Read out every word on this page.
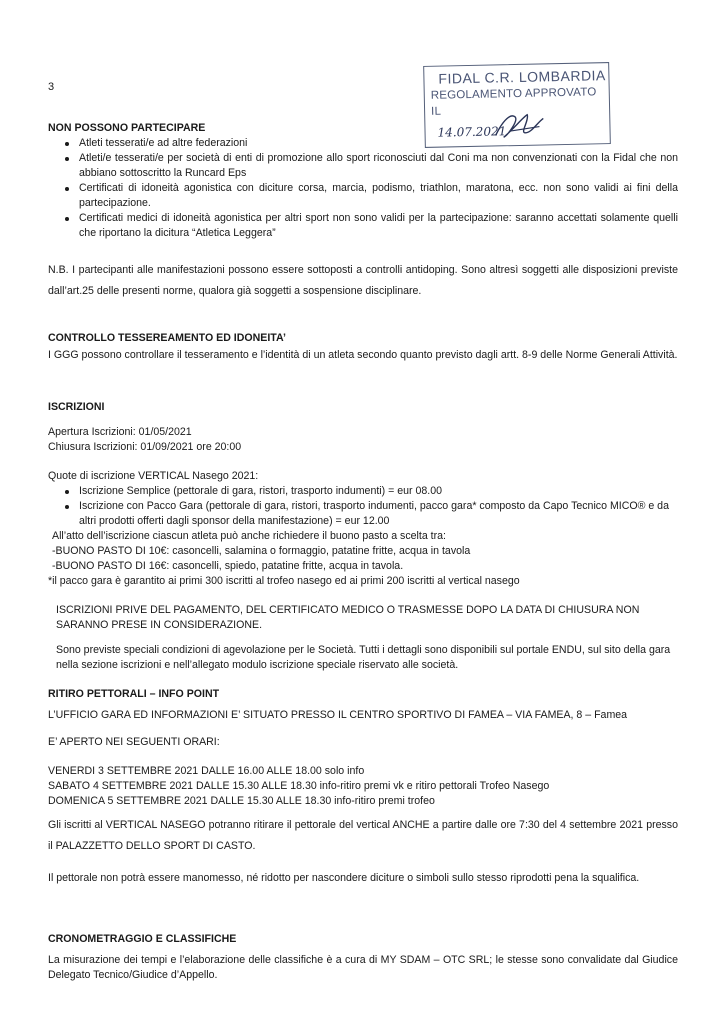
3
FIDAL C.R. LOMBARDIA
REGOLAMENTO APPROVATO IL
14.07.2021
NON POSSONO PARTECIPARE
Atleti tesserati/e ad altre federazioni
Atleti/e tesserati/e per società di enti di promozione allo sport riconosciuti dal Coni ma non convenzionati con la Fidal che non abbiano sottoscritto la Runcard Eps
Certificati di idoneità agonistica con diciture corsa, marcia, podismo, triathlon, maratona, ecc. non sono validi ai fini della partecipazione.
Certificati medici di idoneità agonistica per altri sport non sono validi per la partecipazione: saranno accettati solamente quelli che riportano la dicitura “Atletica Leggera”

N.B. I partecipanti alle manifestazioni possono essere sottoposti a controlli antidoping. Sono altresì soggetti alle disposizioni previste dall’art.25 delle presenti norme, qualora già soggetti a sospensione disciplinare.

CONTROLLO TESSEREAMENTO ED IDONEITA’

I GGG possono controllare il tesseramento e l’identità di un atleta secondo quanto previsto dagli artt. 8-9 delle Norme Generali Attività.

ISCRIZIONI

Apertura Iscrizioni: 01/05/2021

Chiusura Iscrizioni: 01/09/2021 ore 20:00

Quote di iscrizione VERTICAL Nasego 2021:

Iscrizione Semplice (pettorale di gara, ristori, trasporto indumenti) = eur 08.00
Iscrizione con Pacco Gara (pettorale di gara, ristori, trasporto indumenti, pacco gara* composto da Capo Tecnico MICO® e da altri prodotti offerti dagli sponsor della manifestazione) = eur 12.00

All’atto dell’iscrizione ciascun atleta può anche richiedere il buono pasto a scelta tra:

-BUONO PASTO DI 10€: casoncelli, salamina o formaggio, patatine fritte, acqua in tavola

-BUONO PASTO DI 16€: casoncelli, spiedo, patatine fritte, acqua in tavola.

*il pacco gara è garantito ai primi 300 iscritti al trofeo nasego ed ai primi 200 iscritti al vertical nasego

ISCRIZIONI PRIVE DEL PAGAMENTO, DEL CERTIFICATO MEDICO O TRASMESSE DOPO LA DATA DI CHIUSURA NON SARANNO PRESE IN CONSIDERAZIONE.

Sono previste speciali condizioni di agevolazione per le Società. Tutti i dettagli sono disponibili sul portale ENDU, sul sito della gara nella sezione iscrizioni e nell’allegato modulo iscrizione speciale riservato alle società.

RITIRO PETTORALI – INFO POINT

L’UFFICIO GARA ED INFORMAZIONI E’ SITUATO PRESSO IL CENTRO SPORTIVO DI FAMEA – VIA FAMEA, 8 – Famea

E’ APERTO NEI SEGUENTI ORARI:

VENERDI 3 SETTEMBRE 2021 DALLE 16.00 ALLE 18.00 solo info

SABATO 4 SETTEMBRE 2021 DALLE 15.30 ALLE 18.30 info-ritiro premi vk e ritiro pettorali Trofeo Nasego

DOMENICA 5 SETTEMBRE 2021 DALLE 15.30 ALLE 18.30 info-ritiro premi trofeo

Gli iscritti al VERTICAL NASEGO potranno ritirare il pettorale del vertical ANCHE a partire dalle ore 7:30 del 4 settembre 2021 presso il PALAZZETTO DELLO SPORT DI CASTO.

Il pettorale non potrà essere manomesso, né ridotto per nascondere diciture o simboli sullo stesso riprodotti pena la squalifica.

CRONOMETRAGGIO E CLASSIFICHE

La misurazione dei tempi e l’elaborazione delle classifiche è a cura di MY SDAM – OTC SRL; le stesse sono convalidate dal Giudice Delegato Tecnico/Giudice d’Appello.
